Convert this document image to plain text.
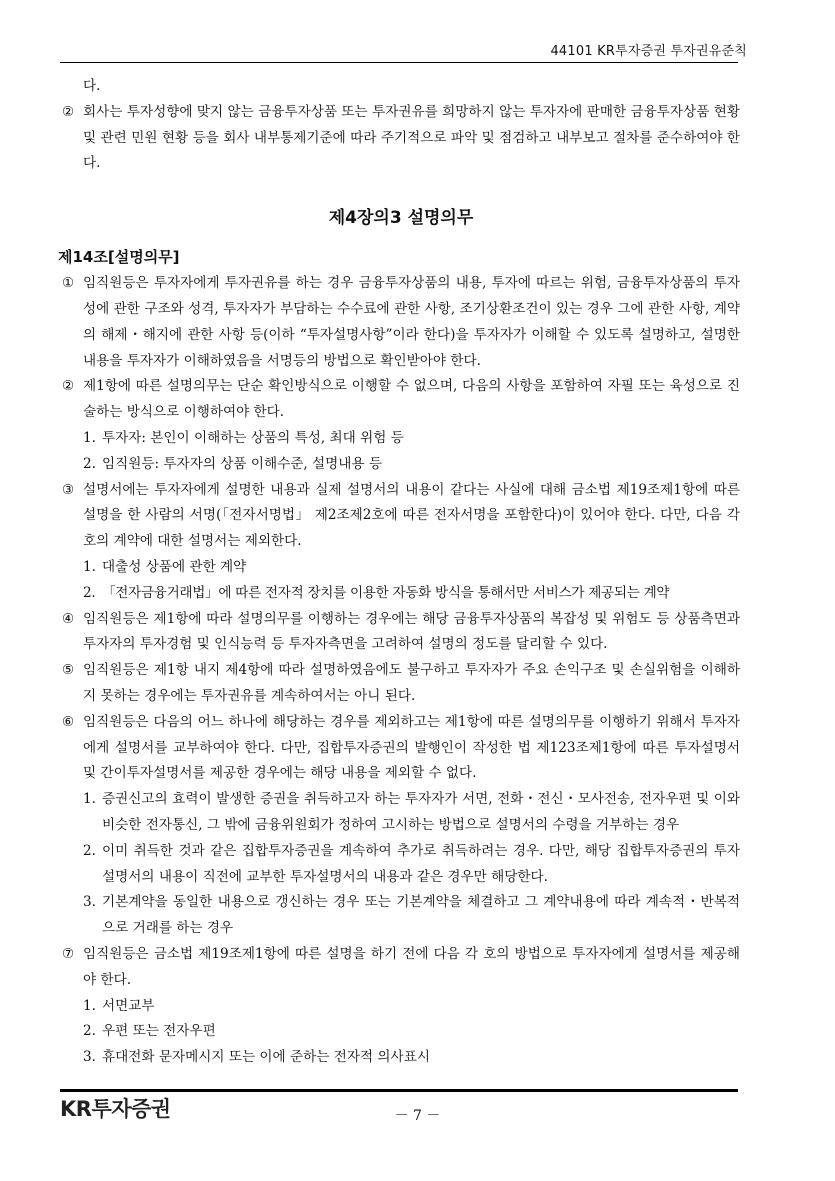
44101 KR투자증권 투자권유준칙

다.

② 회사는 투자성향에 맞지 않는 금융투자상품 또는 투자권유를 희망하지 않는 투자자에 판매한 금융투자상품 현황 및 관련 민원 현황 등을 회사 내부통제기준에 따라 주기적으로 파악 및 점검하고 내부보고 절차를 준수하여야 한다.

제4장의3 설명의무
제14조[설명의무]

① 임직원등은 투자자에게 투자권유를 하는 경우 금융투자상품의 내용, 투자에 따르는 위험, 금융투자상품의 투자성에 관한 구조와 성격, 투자자가 부담하는 수수료에 관한 사항, 조기상환조건이 있는 경우 그에 관한 사항, 계약의 해제・해지에 관한 사항 등(이하 “투자설명사항”이라 한다)을 투자자가 이해할 수 있도록 설명하고, 설명한 내용을 투자자가 이해하였음을 서명등의 방법으로 확인받아야 한다.

② 제1항에 따른 설명의무는 단순 확인방식으로 이행할 수 없으며, 다음의 사항을 포함하여 자필 또는 육성으로 진술하는 방식으로 이행하여야 한다.

1. 투자자: 본인이 이해하는 상품의 특성, 최대 위험 등

2. 임직원등: 투자자의 상품 이해수준, 설명내용 등

③ 설명서에는 투자자에게 설명한 내용과 실제 설명서의 내용이 같다는 사실에 대해 금소법 제19조제1항에 따른 설명을 한 사람의 서명(「전자서명법」 제2조제2호에 따른 전자서명을 포함한다)이 있어야 한다. 다만, 다음 각 호의 계약에 대한 설명서는 제외한다.

1. 대출성 상품에 관한 계약

2. 「전자금융거래법」에 따른 전자적 장치를 이용한 자동화 방식을 통해서만 서비스가 제공되는 계약

④ 임직원등은 제1항에 따라 설명의무를 이행하는 경우에는 해당 금융투자상품의 복잡성 및 위험도 등 상품측면과 투자자의 투자경험 및 인식능력 등 투자자측면을 고려하여 설명의 정도를 달리할 수 있다.

⑤ 임직원등은 제1항 내지 제4항에 따라 설명하였음에도 불구하고 투자자가 주요 손익구조 및 손실위험을 이해하지 못하는 경우에는 투자권유를 계속하여서는 아니 된다.

⑥ 임직원등은 다음의 어느 하나에 해당하는 경우를 제외하고는 제1항에 따른 설명의무를 이행하기 위해서 투자자에게 설명서를 교부하여야 한다. 다만, 집합투자증권의 발행인이 작성한 법 제123조제1항에 따른 투자설명서 및 간이투자설명서를 제공한 경우에는 해당 내용을 제외할 수 없다.

1. 증권신고의 효력이 발생한 증권을 취득하고자 하는 투자자가 서면, 전화・전신・모사전송, 전자우편 및 이와 비슷한 전자통신, 그 밖에 금융위원회가 정하여 고시하는 방법으로 설명서의 수령을 거부하는 경우

2. 이미 취득한 것과 같은 집합투자증권을 계속하여 추가로 취득하려는 경우. 다만, 해당 집합투자증권의 투자설명서의 내용이 직전에 교부한 투자설명서의 내용과 같은 경우만 해당한다.

3. 기본계약을 동일한 내용으로 갱신하는 경우 또는 기본계약을 체결하고 그 계약내용에 따라 계속적・반복적으로 거래를 하는 경우

⑦ 임직원등은 금소법 제19조제1항에 따른 설명을 하기 전에 다음 각 호의 방법으로 투자자에게 설명서를 제공해야 한다.

1. 서면교부

2. 우편 또는 전자우편

3. 휴대전화 문자메시지 또는 이에 준하는 전자적 의사표시

KR투자증권	－ 7 －
